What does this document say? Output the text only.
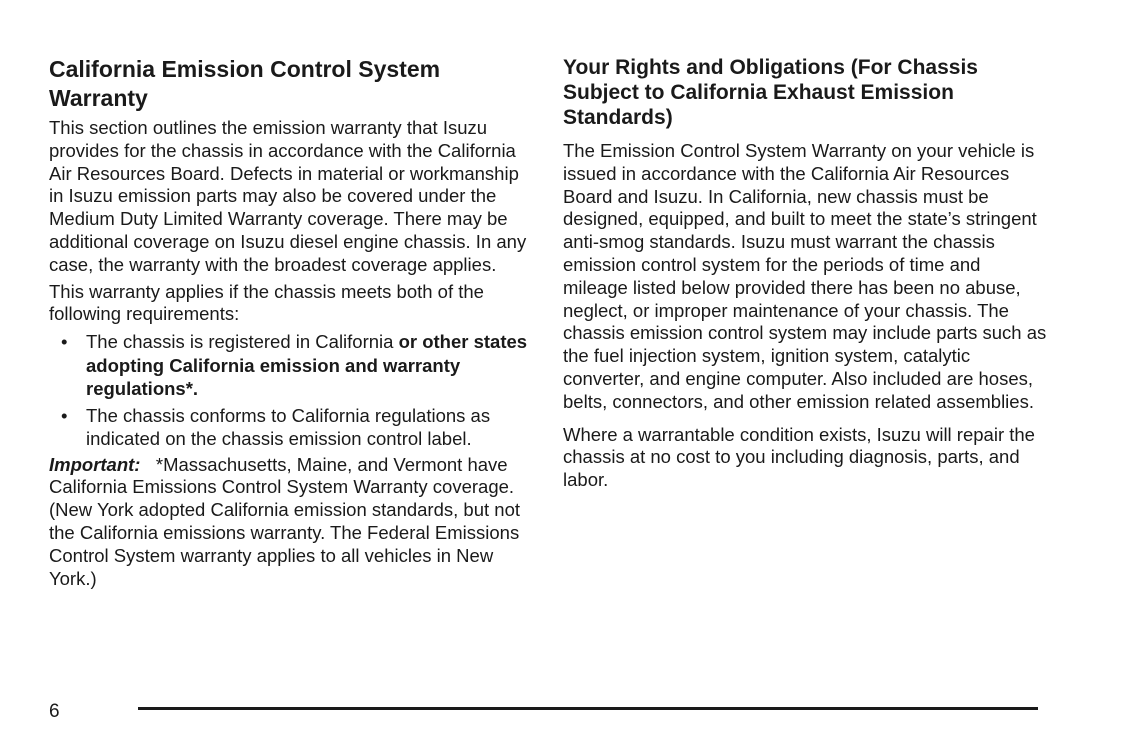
California Emission Control System Warranty

This section outlines the emission warranty that Isuzu provides for the chassis in accordance with the California Air Resources Board. Defects in material or workmanship in Isuzu emission parts may also be covered under the Medium Duty Limited Warranty coverage. There may be additional coverage on Isuzu diesel engine chassis. In any case, the warranty with the broadest coverage applies.

This warranty applies if the chassis meets both of the following requirements:

• The chassis is registered in California or other states adopting California emission and warranty regulations*.
• The chassis conforms to California regulations as indicated on the chassis emission control label.

Important: *Massachusetts, Maine, and Vermont have California Emissions Control System Warranty coverage. (New York adopted California emission standards, but not the California emissions warranty. The Federal Emissions Control System warranty applies to all vehicles in New York.)

Your Rights and Obligations (For Chassis Subject to California Exhaust Emission Standards)

The Emission Control System Warranty on your vehicle is issued in accordance with the California Air Resources Board and Isuzu. In California, new chassis must be designed, equipped, and built to meet the state’s stringent anti-smog standards. Isuzu must warrant the chassis emission control system for the periods of time and mileage listed below provided there has been no abuse, neglect, or improper maintenance of your chassis. The chassis emission control system may include parts such as the fuel injection system, ignition system, catalytic converter, and engine computer. Also included are hoses, belts, connectors, and other emission related assemblies.

Where a warrantable condition exists, Isuzu will repair the chassis at no cost to you including diagnosis, parts, and labor.

6
